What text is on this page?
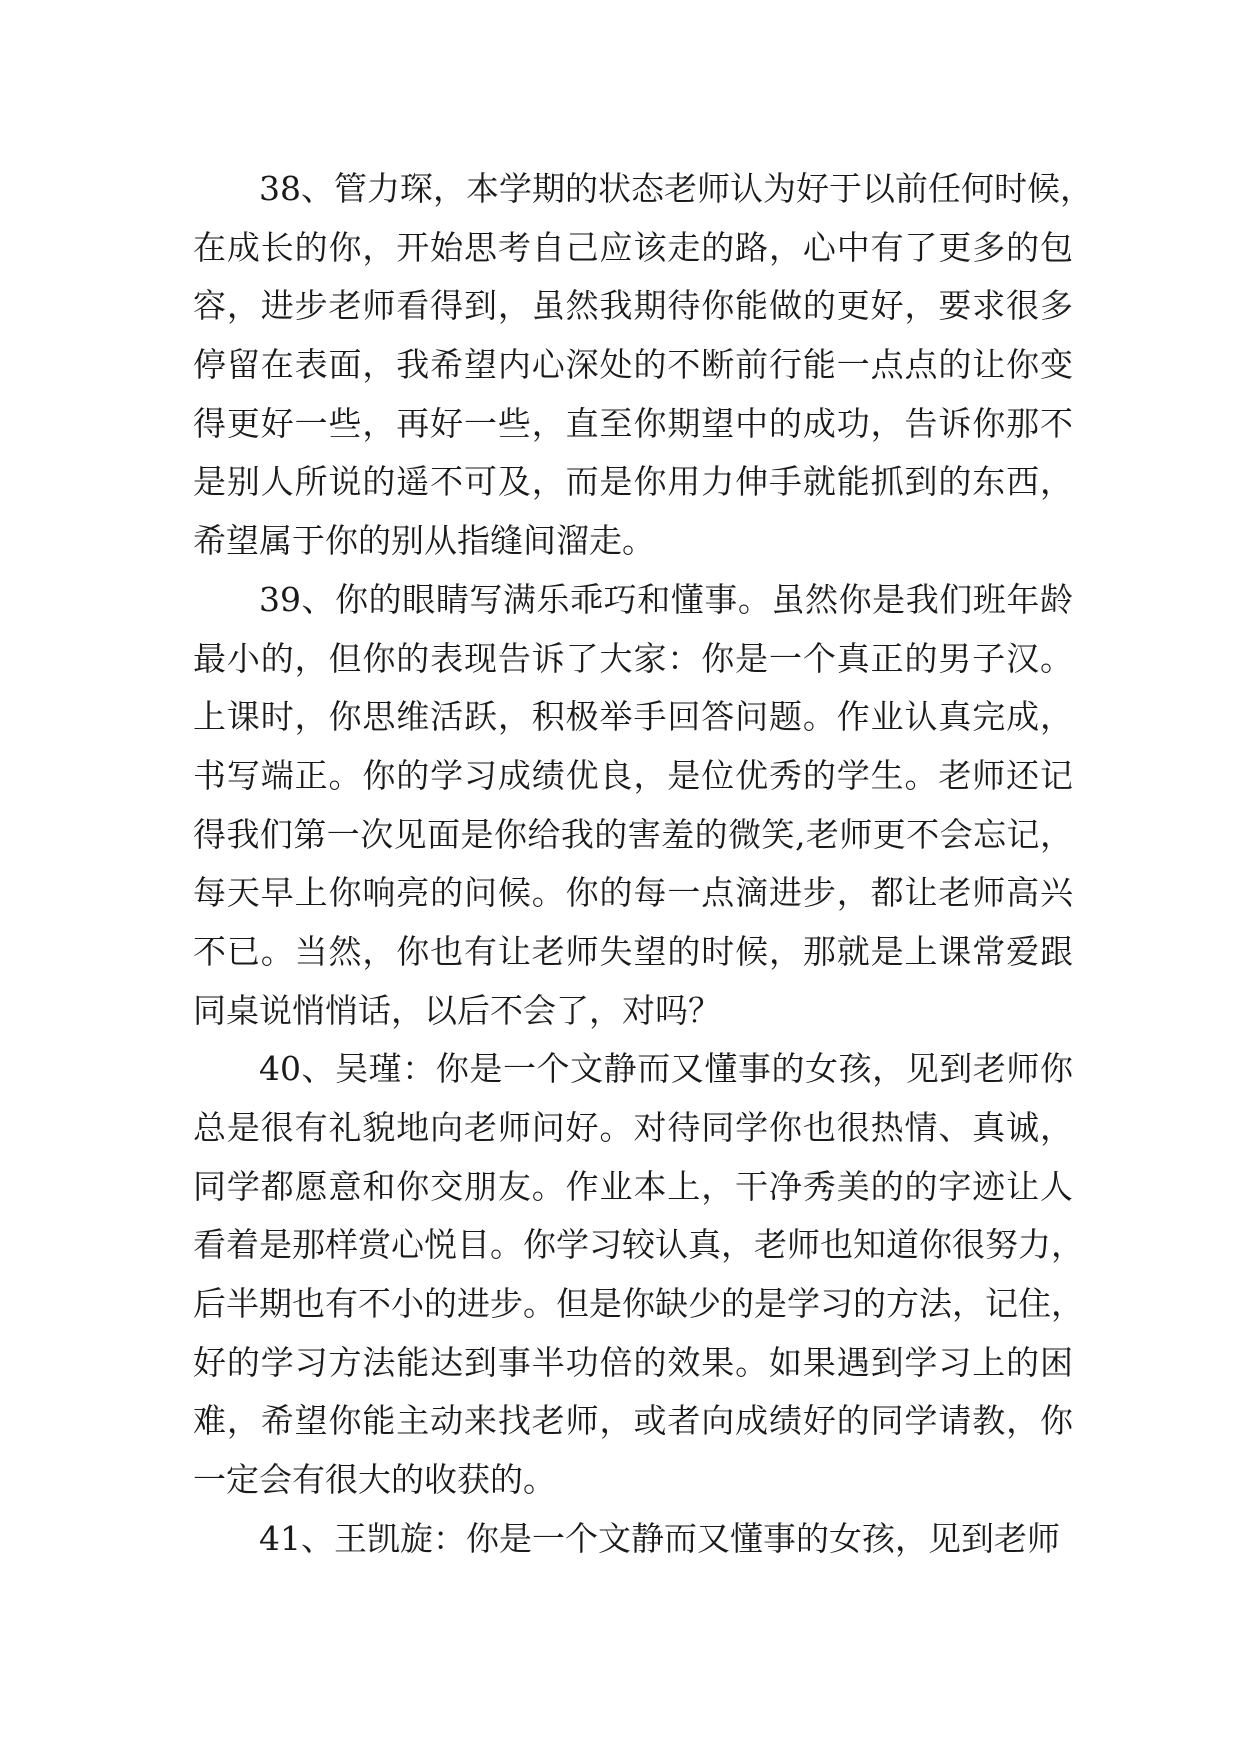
38、管力琛，本学期的状态老师认为好于以前任何时候，
在成长的你，开始思考自己应该走的路，心中有了更多的包
容，进步老师看得到，虽然我期待你能做的更好，要求很多
停留在表面，我希望内心深处的不断前行能一点点的让你变
得更好一些，再好一些，直至你期望中的成功，告诉你那不
是别人所说的遥不可及，而是你用力伸手就能抓到的东西，
希望属于你的别从指缝间溜走。
39、你的眼睛写满乐乖巧和懂事。虽然你是我们班年龄
最小的，但你的表现告诉了大家：你是一个真正的男子汉。
上课时，你思维活跃，积极举手回答问题。作业认真完成，
书写端正。你的学习成绩优良，是位优秀的学生。老师还记
得我们第一次见面是你给我的害羞的微笑,老师更不会忘记，
每天早上你响亮的问候。你的每一点滴进步，都让老师高兴
不已。当然，你也有让老师失望的时候，那就是上课常爱跟
同桌说悄悄话，以后不会了，对吗？
40、吴瑾：你是一个文静而又懂事的女孩，见到老师你
总是很有礼貌地向老师问好。对待同学你也很热情、真诚，
同学都愿意和你交朋友。作业本上，干净秀美的的字迹让人
看着是那样赏心悦目。你学习较认真，老师也知道你很努力，
后半期也有不小的进步。但是你缺少的是学习的方法，记住，
好的学习方法能达到事半功倍的效果。如果遇到学习上的困
难，希望你能主动来找老师，或者向成绩好的同学请教，你
一定会有很大的收获的。
41、王凯旋：你是一个文静而又懂事的女孩，见到老师
